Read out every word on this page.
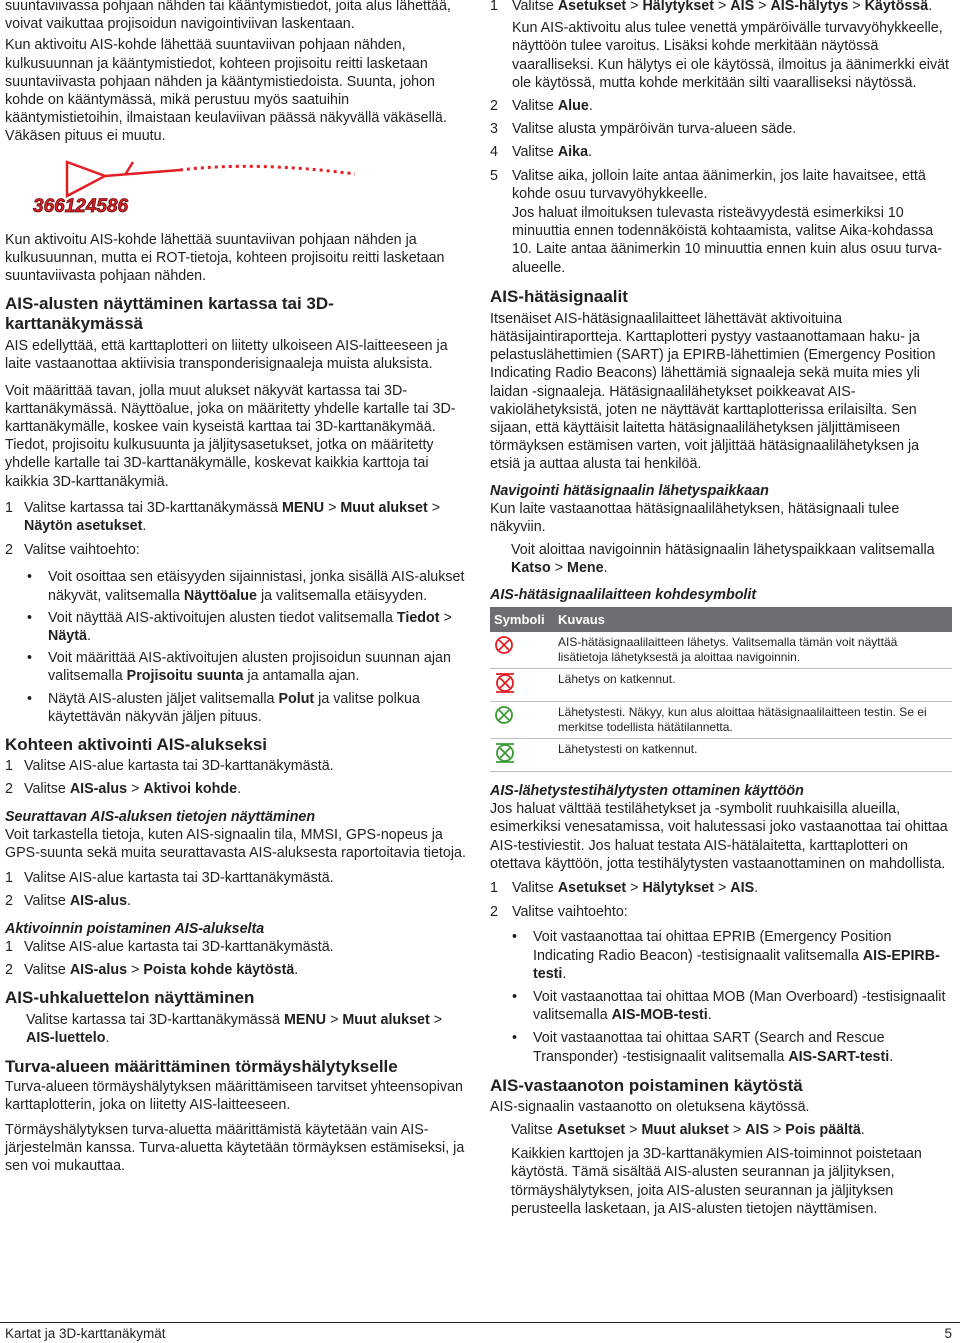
suuntaviivassa pohjaan nähden tai kääntymistiedot, joita alus lähettää, voivat vaikuttaa projisoidun navigointiviivan laskentaan.

Kun aktivoitu AIS-kohde lähettää suuntaviivan pohjaan nähden, kulkusuunnan ja kääntymistiedot, kohteen projisoitu reitti lasketaan suuntaviivasta pohjaan nähden ja kääntymistiedoista. Suunta, johon kohde on kääntymässä, mikä perustuu myös saatuihin kääntymistietoihin, ilmaistaan keulaviivan päässä näkyvällä väkäsellä. Väkäsen pituus ei muutu.

366124586

Kun aktivoitu AIS-kohde lähettää suuntaviivan pohjaan nähden ja kulkusuunnan, mutta ei ROT-tietoja, kohteen projisoitu reitti lasketaan suuntaviivasta pohjaan nähden.

AIS-alusten näyttäminen kartassa tai 3D-karttanäkymässä

AIS edellyttää, että karttaplotteri on liitetty ulkoiseen AIS-laitteeseen ja laite vastaanottaa aktiivisia transponderisignaaleja muista aluksista.

Voit määrittää tavan, jolla muut alukset näkyvät kartassa tai 3D-karttanäkymässä. Näyttöalue, joka on määritetty yhdelle kartalle tai 3D-karttanäkymälle, koskee vain kyseistä karttaa tai 3D-karttanäkymää. Tiedot, projisoitu kulkusuunta ja jäljitysasetukset, jotka on määritetty yhdelle kartalle tai 3D-karttanäkymälle, koskevat kaikkia karttoja tai kaikkia 3D-karttanäkymiä.

1 Valitse kartassa tai 3D-karttanäkymässä MENU > Muut alukset > Näytön asetukset.
2 Valitse vaihtoehto:
• Voit osoittaa sen etäisyyden sijainnistasi, jonka sisällä AIS-alukset näkyvät, valitsemalla Näyttöalue ja valitsemalla etäisyyden.
• Voit näyttää AIS-aktivoitujen alusten tiedot valitsemalla Tiedot > Näytä.
• Voit määrittää AIS-aktivoitujen alusten projisoidun suunnan ajan valitsemalla Projisoitu suunta ja antamalla ajan.
• Näytä AIS-alusten jäljet valitsemalla Polut ja valitse polkua käytettävän näkyvän jäljen pituus.
Kohteen aktivointi AIS-alukseksi
1 Valitse AIS-alue kartasta tai 3D-karttanäkymästä.
2 Valitse AIS-alus > Aktivoi kohde.
Seurattavan AIS-aluksen tietojen näyttäminen

Voit tarkastella tietoja, kuten AIS-signaalin tila, MMSI, GPS-nopeus ja GPS-suunta sekä muita seurattavasta AIS-aluksesta raportoitavia tietoja.

1 Valitse AIS-alue kartasta tai 3D-karttanäkymästä.
2 Valitse AIS-alus.
Aktivoinnin poistaminen AIS-alukselta
1 Valitse AIS-alue kartasta tai 3D-karttanäkymästä.
2 Valitse AIS-alus > Poista kohde käytöstä.
AIS-uhkaluettelon näyttäminen

Valitse kartassa tai 3D-karttanäkymässä MENU > Muut alukset > AIS-luettelo.

Turva-alueen määrittäminen törmäyshälytykselle

Turva-alueen törmäyshälytyksen määrittämiseen tarvitset yhteensopivan karttaplotterin, joka on liitetty AIS-laitteeseen.

Törmäyshälytyksen turva-aluetta määrittämistä käytetään vain AIS-järjestelmän kanssa. Turva-aluetta käytetään törmäyksen estämiseksi, ja sen voi mukauttaa.

1 Valitse Asetukset > Hälytykset > AIS > AIS-hälytys > Käytössä.

Kun AIS-aktivoitu alus tulee venettä ympäröivälle turvavyöhykkeelle, näyttöön tulee varoitus. Lisäksi kohde merkitään näytössä vaaralliseksi. Kun hälytys ei ole käytössä, ilmoitus ja äänimerkki eivät ole käytössä, mutta kohde merkitään silti vaaralliseksi näytössä.

2 Valitse Alue.
3 Valitse alusta ympäröivän turva-alueen säde.
4 Valitse Aika.
5 Valitse aika, jolloin laite antaa äänimerkin, jos laite havaitsee, että kohde osuu turvavyöhykkeelle.

Jos haluat ilmoituksen tulevasta risteävyydestä esimerkiksi 10 minuuttia ennen todennäköistä kohtaamista, valitse Aika-kohdassa 10. Laite antaa äänimerkin 10 minuuttia ennen kuin alus osuu turva-alueelle.

AIS-hätäsignaalit

Itsenäiset AIS-hätäsignaalilaitteet lähettävät aktivoituina hätäsijaintiraportteja. Karttaplotteri pystyy vastaanottamaan haku- ja pelastuslähettimien (SART) ja EPIRB-lähettimien (Emergency Position Indicating Radio Beacons) lähettämiä signaaleja sekä muita mies yli laidan -signaaleja. Hätäsignaalilähetykset poikkeavat AIS-vakiolähetyksistä, joten ne näyttävät karttaplotterissa erilaisilta. Sen sijaan, että käyttäisit laitetta hätäsignaalilähetyksen jäljittämiseen törmäyksen estämisen varten, voit jäljittää hätäsignaalilähetyksen ja etsiä ja auttaa alusta tai henkilöä.

Navigointi hätäsignaalin lähetyspaikkaan

Kun laite vastaanottaa hätäsignaalilähetyksen, hätäsignaali tulee näkyviin.

Voit aloittaa navigoinnin hätäsignaalin lähetyspaikkaan valitsemalla Katso > Mene.

AIS-hätäsignaalilaitteen kohdesymbolit
Symboli	Kuvaus
	AIS-hätäsignaalilaitteen lähetys. Valitsemalla tämän voit näyttää lisätietoja lähetyksestä ja aloittaa navigoinnin.
	Lähetys on katkennut.
	Lähetystesti. Näkyy, kun alus aloittaa hätäsignaalilaitteen testin. Se ei merkitse todellista hätätilannetta.
	Lähetystesti on katkennut.
AIS-lähetystestihälytysten ottaminen käyttöön

Jos haluat välttää testilähetykset ja -symbolit ruuhkaisilla alueilla, esimerkiksi venesatamissa, voit halutessasi joko vastaanottaa tai ohittaa AIS-testiviestit. Jos haluat testata AIS-hätälaitetta, karttaplotteri on otettava käyttöön, jotta testihälytysten vastaanottaminen on mahdollista.

1 Valitse Asetukset > Hälytykset > AIS.
2 Valitse vaihtoehto:
• Voit vastaanottaa tai ohittaa EPRIB (Emergency Position Indicating Radio Beacon) -testisignaalit valitsemalla AIS-EPIRB-testi.
• Voit vastaanottaa tai ohittaa MOB (Man Overboard) -testisignaalit valitsemalla AIS-MOB-testi.
• Voit vastaanottaa tai ohittaa SART (Search and Rescue Transponder) -testisignaalit valitsemalla AIS-SART-testi.
AIS-vastaanoton poistaminen käytöstä

AIS-signaalin vastaanotto on oletuksena käytössä.

Valitse Asetukset > Muut alukset > AIS > Pois päältä.

Kaikkien karttojen ja 3D-karttanäkymien AIS-toiminnot poistetaan käytöstä. Tämä sisältää AIS-alusten seurannan ja jäljityksen, törmäyshälytyksen, joita AIS-alusten seurannan ja jäljityksen perusteella lasketaan, ja AIS-alusten tietojen näyttämisen.

Kartat ja 3D-karttanäkymät	5
